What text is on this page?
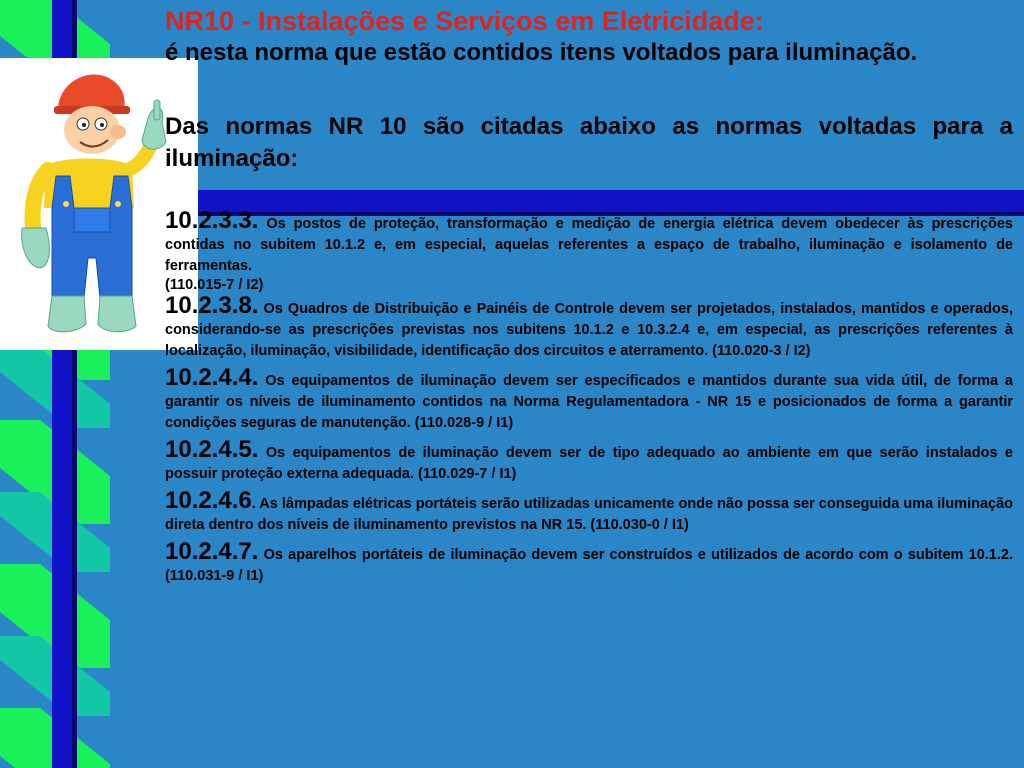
NR10 - Instalações e Serviços em Eletricidade:

é nesta norma que estão contidos itens voltados para iluminação.

Das normas NR 10 são citadas abaixo as normas voltadas para a iluminação:

10.2.3.3. Os postos de proteção, transformação e medição de energia elétrica devem obedecer às prescrições contidas no subitem 10.1.2 e, em especial, aquelas referentes a espaço de trabalho, iluminação e isolamento de ferramentas.

(110.015-7 / I2)

10.2.3.8. Os Quadros de Distribuição e Painéis de Controle devem ser projetados, instalados, mantidos e operados, considerando-se as prescrições previstas nos subitens 10.1.2 e 10.3.2.4 e, em especial, as prescrições referentes à localização, iluminação, visibilidade, identificação dos circuitos e aterramento. (110.020-3 / I2)

10.2.4.4. Os equipamentos de iluminação devem ser especificados e mantidos durante sua vida útil, de forma a garantir os níveis de iluminamento contidos na Norma Regulamentadora - NR 15 e posicionados de forma a garantir condições seguras de manutenção. (110.028-9 / I1)

10.2.4.5. Os equipamentos de iluminação devem ser de tipo adequado ao ambiente em que serão instalados e possuir proteção externa adequada. (110.029-7 / I1)

10.2.4.6. As lâmpadas elétricas portáteis serão utilizadas unicamente onde não possa ser conseguida uma iluminação direta dentro dos níveis de iluminamento previstos na NR 15. (110.030-0 / I1)

10.2.4.7. Os aparelhos portáteis de iluminação devem ser construídos e utilizados de acordo com o subitem 10.1.2. (110.031-9 / I1)
